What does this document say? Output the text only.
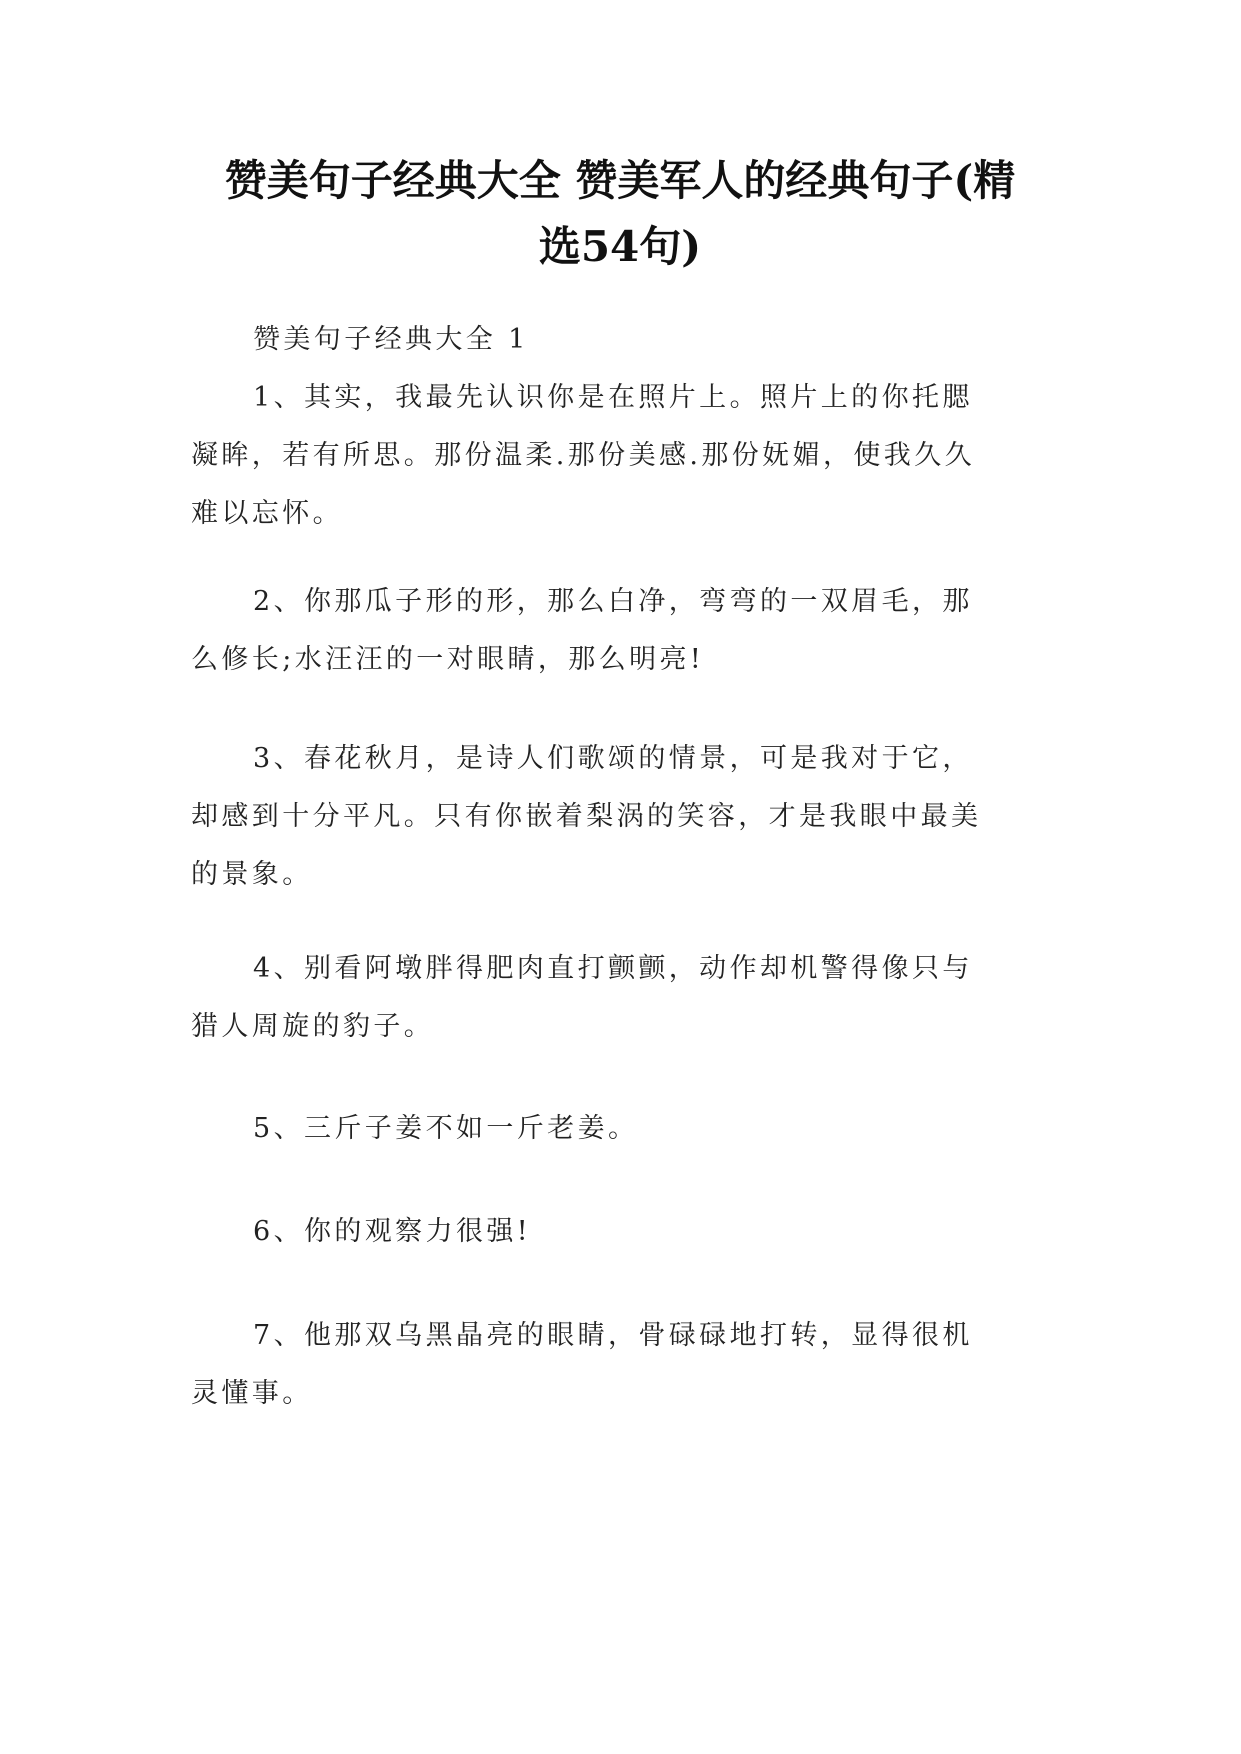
赞美句子经典大全 赞美军人的经典句子(精
选54句)

赞美句子经典大全 1

1、其实，我最先认识你是在照片上。照片上的你托腮
凝眸，若有所思。那份温柔.那份美感.那份妩媚，使我久久
难以忘怀。

2、你那瓜子形的形，那么白净，弯弯的一双眉毛，那
么修长;水汪汪的一对眼睛，那么明亮!

3、春花秋月，是诗人们歌颂的情景，可是我对于它，
却感到十分平凡。只有你嵌着梨涡的笑容，才是我眼中最美
的景象。

4、别看阿墩胖得肥肉直打颤颤，动作却机警得像只与
猎人周旋的豹子。

5、三斤子姜不如一斤老姜。

6、你的观察力很强!

7、他那双乌黑晶亮的眼睛，骨碌碌地打转，显得很机
灵懂事。
